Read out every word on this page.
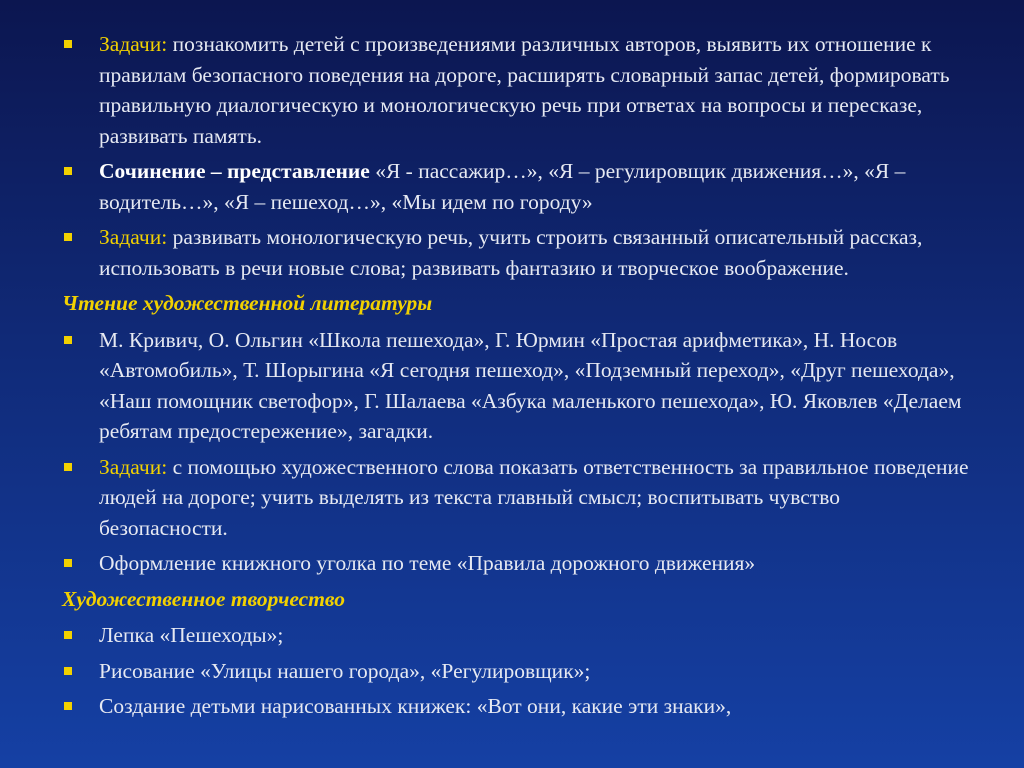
Задачи: познакомить детей с произведениями различных авторов, выявить их отношение к правилам безопасного поведения на дороге, расширять словарный запас детей, формировать правильную диалогическую и монологическую речь при ответах на вопросы и пересказе, развивать память.
Сочинение – представление «Я - пассажир…», «Я – регулировщик движения…», «Я – водитель…», «Я – пешеход…», «Мы идем по городу»
Задачи: развивать монологическую речь, учить строить связанный описательный рассказ, использовать в речи новые слова; развивать фантазию и творческое воображение.
Чтение художественной литературы
М. Кривич, О. Ольгин «Школа пешехода», Г. Юрмин «Простая арифметика», Н. Носов «Автомобиль», Т. Шорыгина «Я сегодня пешеход», «Подземный переход», «Друг пешехода», «Наш помощник светофор», Г. Шалаева «Азбука маленького пешехода», Ю. Яковлев «Делаем ребятам предостережение», загадки.
Задачи: с помощью художественного слова показать ответственность за правильное поведение людей на дороге; учить выделять из текста главный смысл; воспитывать чувство безопасности.
Оформление книжного уголка по теме «Правила дорожного движения»
Художественное творчество
Лепка «Пешеходы»;
Рисование «Улицы нашего города», «Регулировщик»;
Создание детьми нарисованных книжек: «Вот они, какие эти знаки»,
